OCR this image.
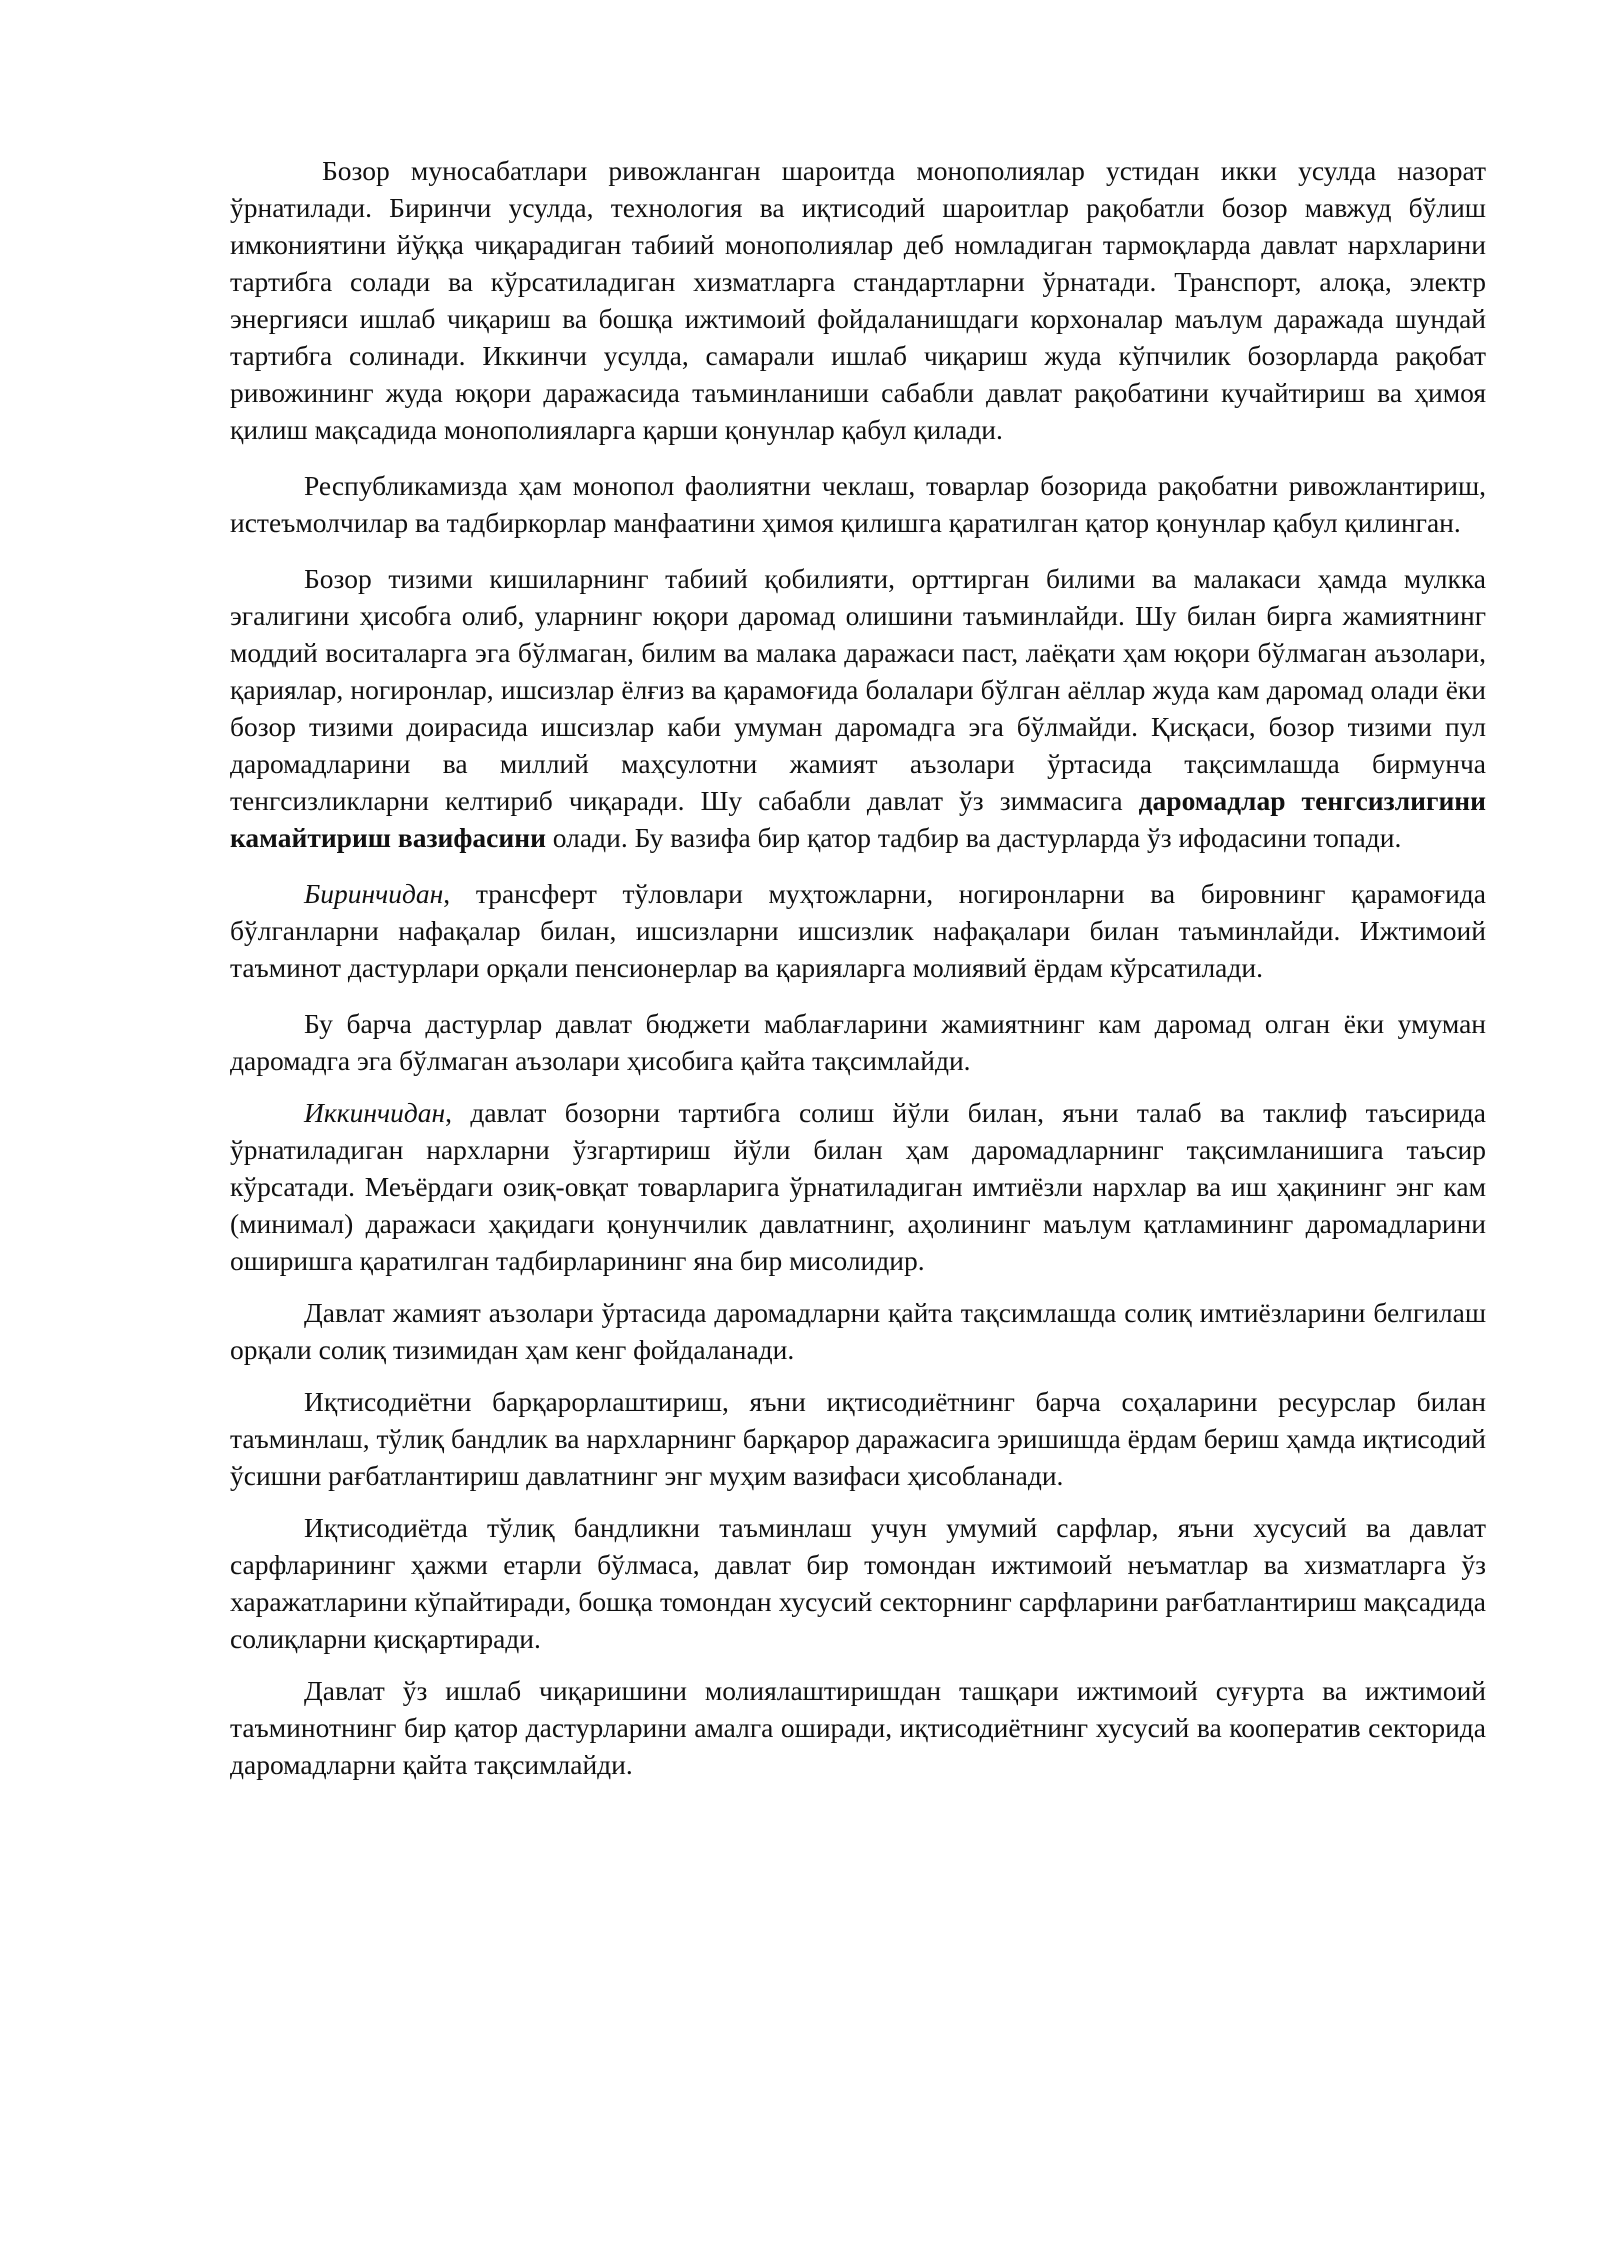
Бозор муносабатлари ривожланган шароитда монополиялар устидан икки усулда назорат ўрнатилади. Биринчи усулда, технология ва иқтисодий шароитлар рақобатли бозор мавжуд бўлиш имкониятини йўққа чиқарадиган табиий монополиялар деб номладиган тармоқларда давлат нархларини тартибга солади ва кўрсатиладиган хизматларга стандартларни ўрнатади. Транспорт, алоқа, электр энергияси ишлаб чиқариш ва бошқа ижтимоий фойдаланишдаги корхоналар маълум даражада шундай тартибга солинади. Иккинчи усулда, самарали ишлаб чиқариш жуда кўпчилик бозорларда рақобат ривожининг жуда юқори даражасида таъминланиши сабабли давлат рақобатини кучайтириш ва ҳимоя қилиш мақсадида монополияларга қарши қонунлар қабул қилади.

Республикамизда ҳам монопол фаолиятни чеклаш, товарлар бозорида рақобатни ривожлантириш, истеъмолчилар ва тадбиркорлар манфаатини ҳимоя қилишга қаратилган қатор қонунлар қабул қилинган.

Бозор тизими кишиларнинг табиий қобилияти, орттирган билими ва малакаси ҳамда мулкка эгалигини ҳисобга олиб, уларнинг юқори даромад олишини таъминлайди. Шу билан бирга жамиятнинг моддий воситаларга эга бўлмаган, билим ва малака даражаси паст, лаёқати ҳам юқори бўлмаган аъзолари, қариялар, ногиронлар, ишсизлар ёлғиз ва қарамоғида болалари бўлган аёллар жуда кам даромад олади ёки бозор тизими доирасида ишсизлар каби умуман даромадга эга бўлмайди. Қисқаси, бозор тизими пул даромадларини ва миллий маҳсулотни жамият аъзолари ўртасида тақсимлашда бирмунча тенгсизликларни келтириб чиқаради. Шу сабабли давлат ўз зиммасига даромадлар тенгсизлигини камайтириш вазифасини олади. Бу вазифа бир қатор тадбир ва дастурларда ўз ифодасини топади.

Биринчидан, трансферт тўловлари муҳтожларни, ногиронларни ва бировнинг қарамоғида бўлганларни нафақалар билан, ишсизларни ишсизлик нафақалари билан таъминлайди. Ижтимоий таъминот дастурлари орқали пенсионерлар ва қарияларга молиявий ёрдам кўрсатилади.

Бу барча дастурлар давлат бюджети маблағларини жамиятнинг кам даромад олган ёки умуман даромадга эга бўлмаган аъзолари ҳисобига қайта тақсимлайди.

Иккинчидан, давлат бозорни тартибга солиш йўли билан, яъни талаб ва таклиф таъсирида ўрнатиладиган нархларни ўзгартириш йўли билан ҳам даромадларнинг тақсимланишига таъсир кўрсатади. Меъёрдаги озиқ-овқат товарларига ўрнатиладиган имтиёзли нархлар ва иш ҳақининг энг кам (минимал) даражаси ҳақидаги қонунчилик давлатнинг, аҳолининг маълум қатламининг даромадларини оширишга қаратилган тадбирларининг яна бир мисолидир.

Давлат жамият аъзолари ўртасида даромадларни қайта тақсимлашда солиқ имтиёзларини белгилаш орқали солиқ тизимидан ҳам кенг фойдаланади.

Иқтисодиётни барқарорлаштириш, яъни иқтисодиётнинг барча соҳаларини ресурслар билан таъминлаш, тўлиқ бандлик ва нархларнинг барқарор даражасига эришишда ёрдам бериш ҳамда иқтисодий ўсишни рағбатлантириш давлатнинг энг муҳим вазифаси ҳисобланади.

Иқтисодиётда тўлиқ бандликни таъминлаш учун умумий сарфлар, яъни хусусий ва давлат сарфларининг ҳажми етарли бўлмаса, давлат бир томондан ижтимоий неъматлар ва хизматларга ўз харажатларини кўпайтиради, бошқа томондан хусусий секторнинг сарфларини рағбатлантириш мақсадида солиқларни қисқартиради.

Давлат ўз ишлаб чиқаришини молиялаштиришдан ташқари ижтимоий суғурта ва ижтимоий таъминотнинг бир қатор дастурларини амалга оширади, иқтисодиётнинг хусусий ва кооператив секторида даромадларни қайта тақсимлайди.
